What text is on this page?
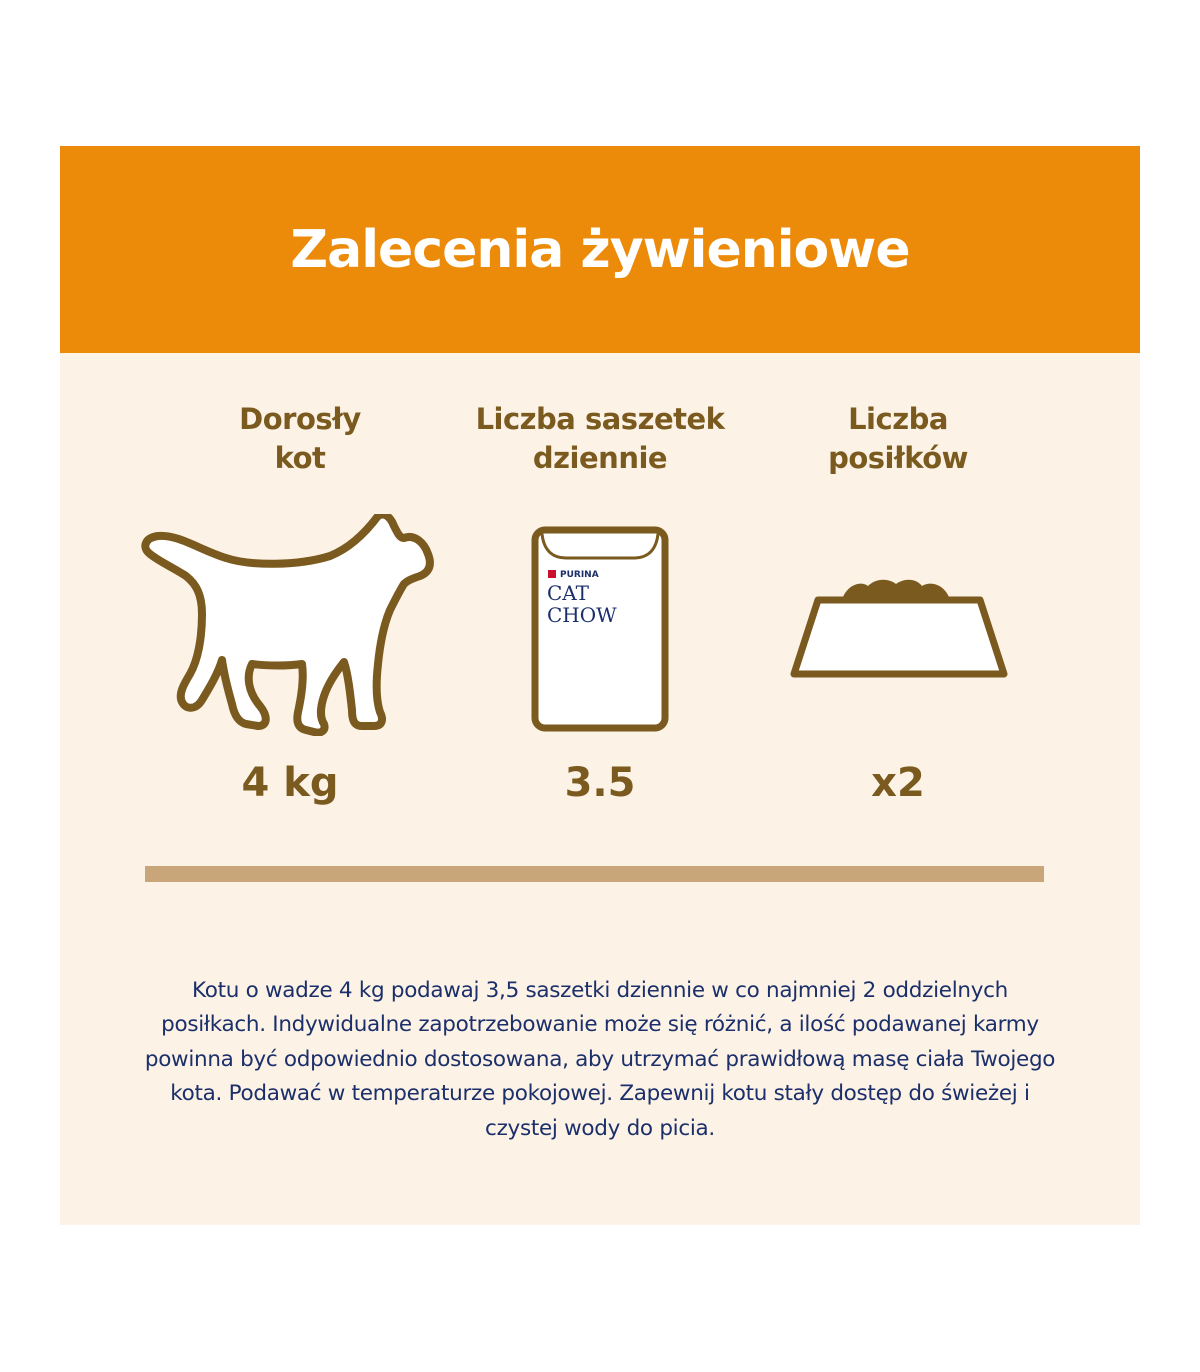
Zalecenia żywieniowe
Dorosły
kot
4 kg
Liczba saszetek
dziennie
PURINA
CAT
CHOW
3.5
Liczba
posiłków
x2

Kotu o wadze 4 kg podawaj 3,5 saszetki dziennie w co najmniej 2 oddzielnych posiłkach. Indywidualne zapotrzebowanie może się różnić, a ilość podawanej karmy powinna być odpowiednio dostosowana, aby utrzymać prawidłową masę ciała Twojego kota. Podawać w temperaturze pokojowej. Zapewnij kotu stały dostęp do świeżej i czystej wody do picia.
